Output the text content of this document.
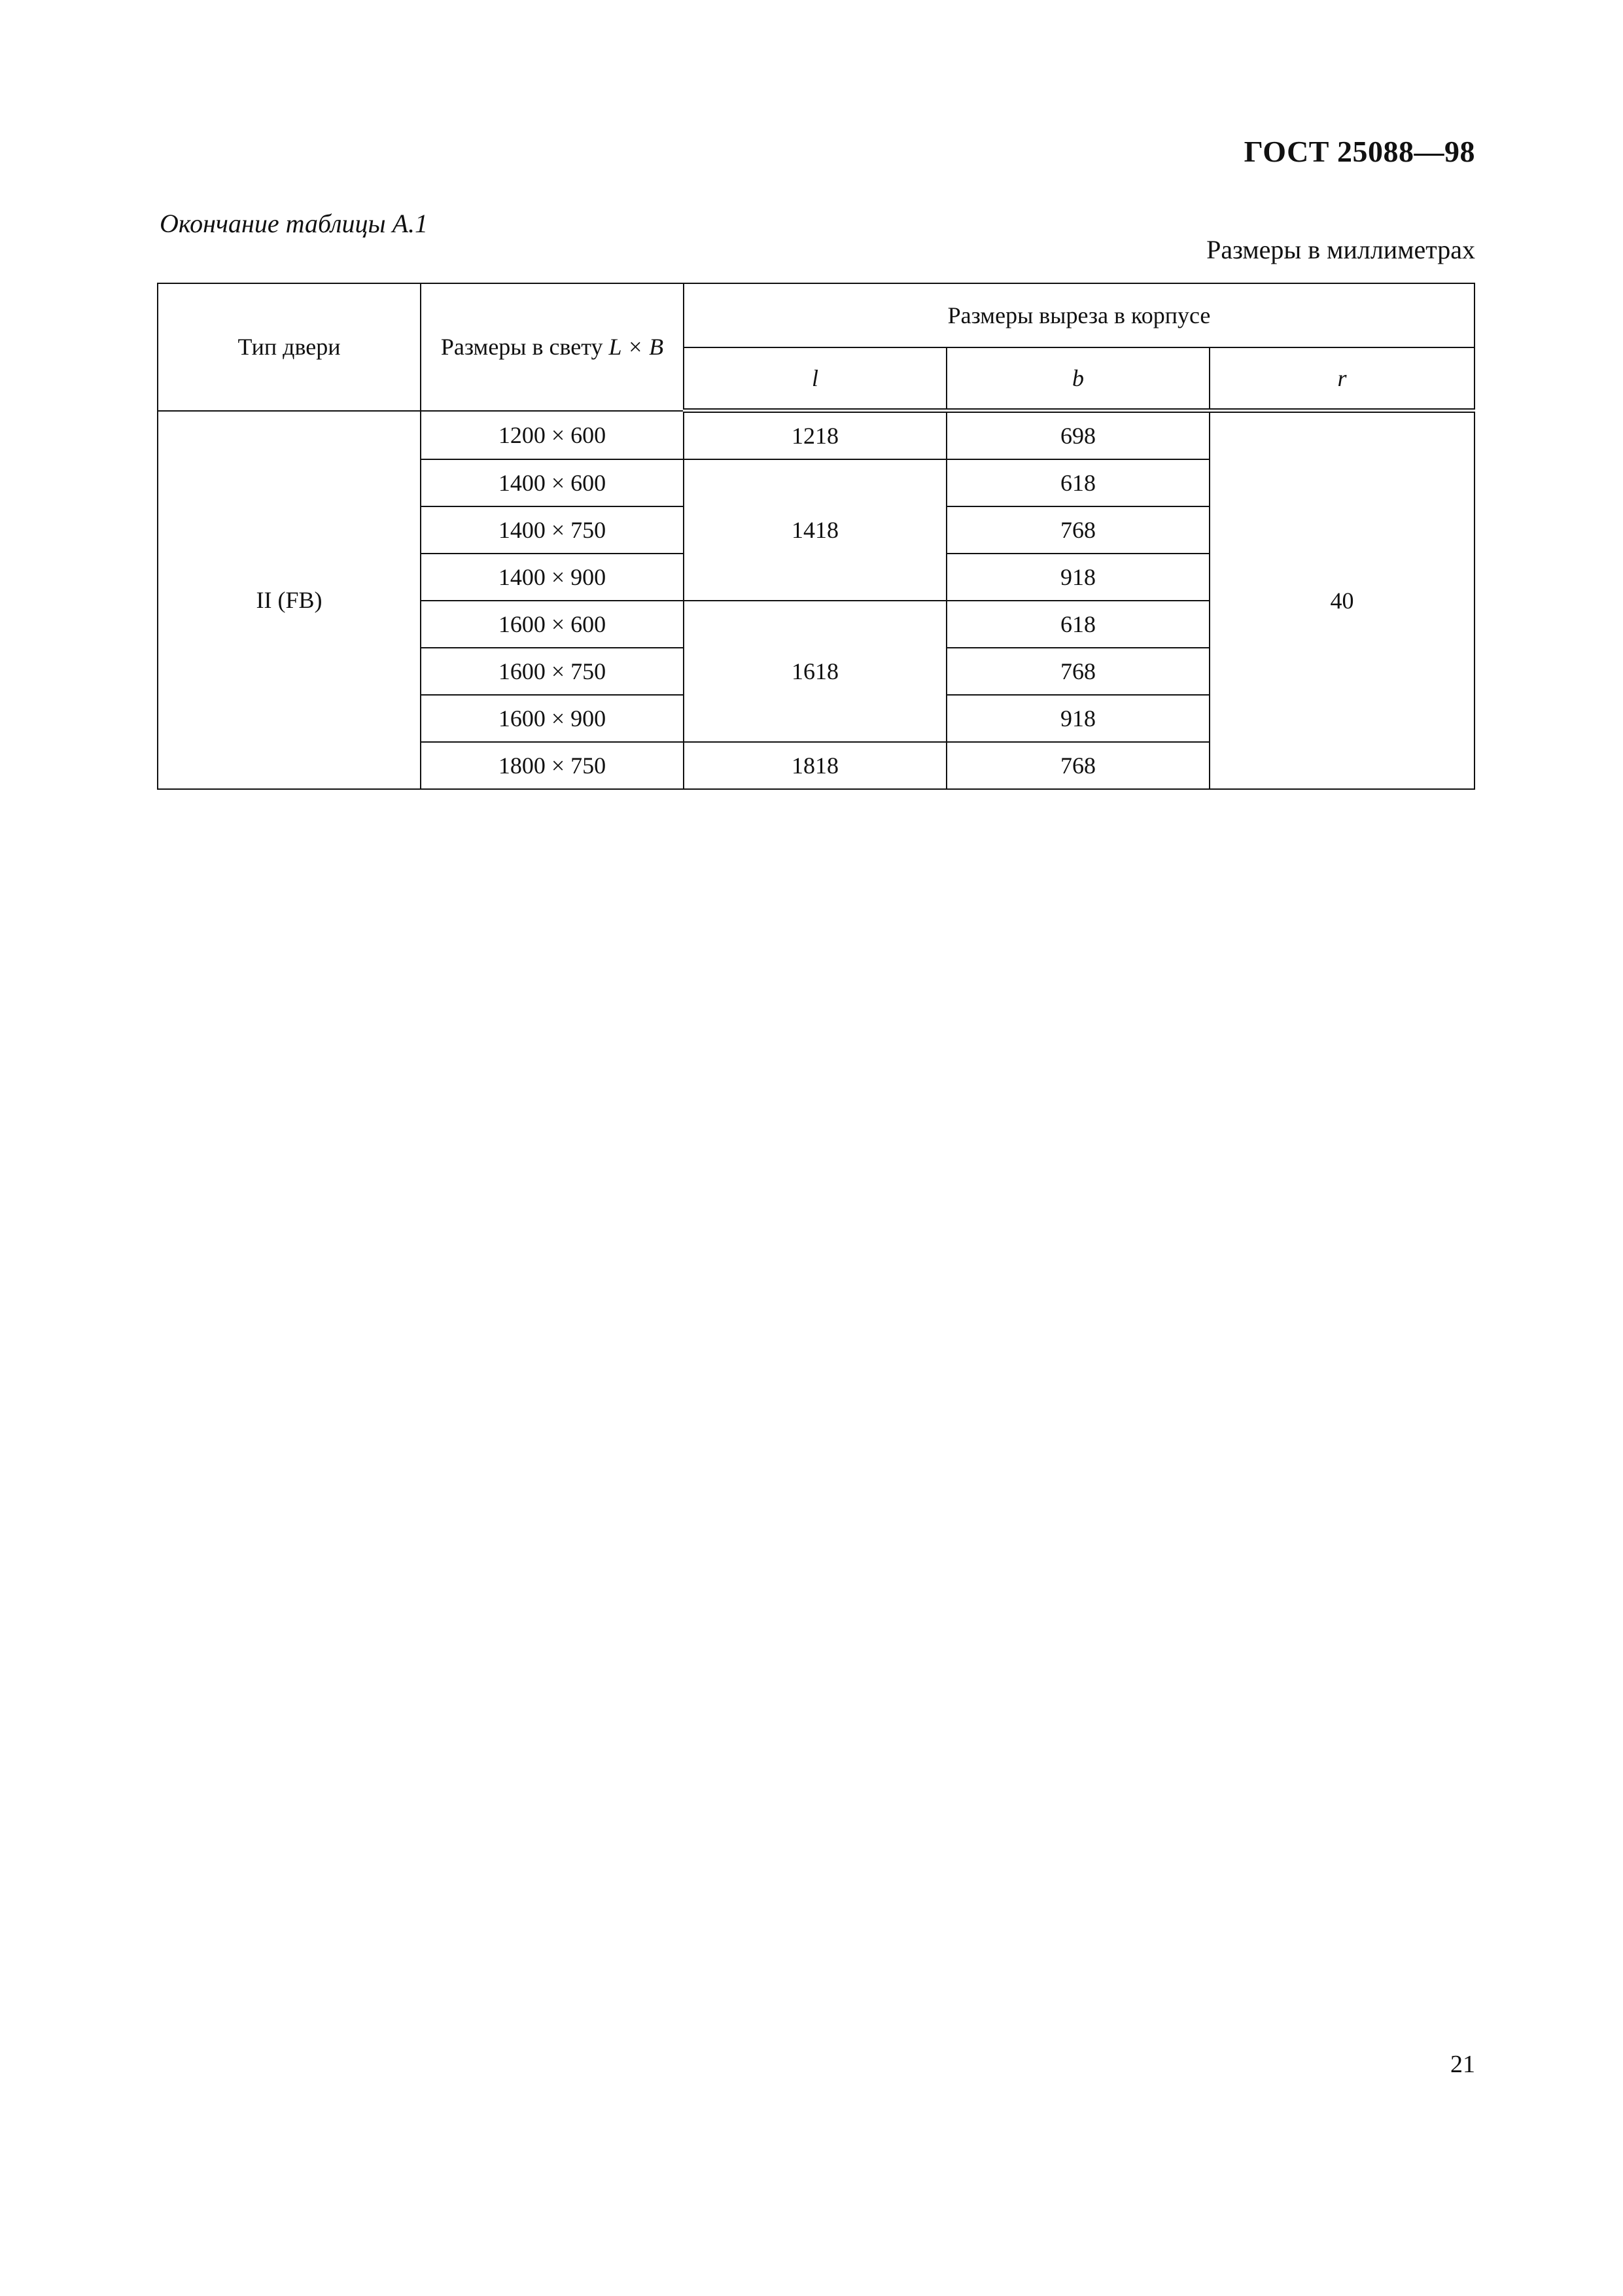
ГОСТ 25088—98
Окончание таблицы А.1
Размеры в миллиметрах
Тип двери	Размеры в свету L × B	Размеры выреза в корпусе		
		l	b	r
II (FB)	1200 × 600	1218	698	40
	1400 × 600	1418	618	
	1400 × 750		768	
	1400 × 900		918	
	1600 × 600	1618	618	
	1600 × 750		768	
	1600 × 900		918	
	1800 × 750	1818	768	
21
